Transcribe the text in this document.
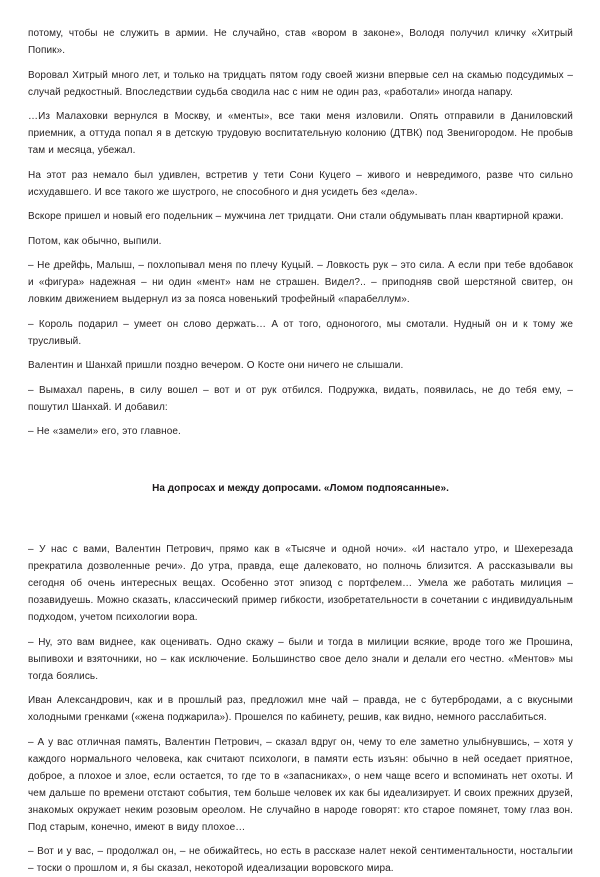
потому, чтобы не служить в армии. Не случайно, став «вором в законе», Володя получил кличку «Хитрый Попик».

Воровал Хитрый много лет, и только на тридцать пятом году своей жизни впервые сел на скамью подсудимых – случай редкостный. Впоследствии судьба сводила нас с ним не один раз, «работали» иногда напару.

…Из Малаховки вернулся в Москву, и «менты», все таки меня изловили. Опять отправили в Даниловский приемник, а оттуда попал я в детскую трудовую воспитательную колонию (ДТВК) под Звенигородом. Не пробыв там и месяца, убежал.

На этот раз немало был удивлен, встретив у тети Сони Куцего – живого и невредимого, разве что сильно исхудавшего. И все такого же шустрого, не способного и дня усидеть без «дела».

Вскоре пришел и новый его подельник – мужчина лет тридцати. Они стали обдумывать план квартирной кражи.

Потом, как обычно, выпили.

– Не дрейфь, Малыш, – похлопывал меня по плечу Куцый. – Ловкость рук – это сила. А если при тебе вдобавок и «фигура» надежная – ни один «мент» нам не страшен. Видел?.. – приподняв свой шерстяной свитер, он ловким движением выдернул из за пояса новенький трофейный «парабеллум».

– Король подарил – умеет он слово держать… А от того, одноногого, мы смотали. Нудный он и к тому же трусливый.

Валентин и Шанхай пришли поздно вечером. О Косте они ничего не слышали.

– Вымахал парень, в силу вошел – вот и от рук отбился. Подружка, видать, появилась, не до тебя ему, – пошутил Шанхай. И добавил:

– Не «замели» его, это главное.

На допросах и между допросами. «Ломом подпоясанные».

– У нас с вами, Валентин Петрович, прямо как в «Тысяче и одной ночи». «И настало утро, и Шехерезада прекратила дозволенные речи». До утра, правда, еще далековато, но полночь близится. А рассказывали вы сегодня об очень интересных вещах. Особенно этот эпизод с портфелем… Умела же работать милиция – позавидуешь. Можно сказать, классический пример гибкости, изобретательности в сочетании с индивидуальным подходом, учетом психологии вора.

– Ну, это вам виднее, как оценивать. Одно скажу – были и тогда в милиции всякие, вроде того же Прошина, выпивохи и взяточники, но – как исключение. Большинство свое дело знали и делали его честно. «Ментов» мы тогда боялись.

Иван Александрович, как и в прошлый раз, предложил мне чай – правда, не с бутербродами, а с вкусными холодными гренками («жена поджарила»). Прошелся по кабинету, решив, как видно, немного расслабиться.

– А у вас отличная память, Валентин Петрович, – сказал вдруг он, чему то еле заметно улыбнувшись, – хотя у каждого нормального человека, как считают психологи, в памяти есть изъян: обычно в ней оседает приятное, доброе, а плохое и злое, если остается, то где то в «запасниках», о нем чаще всего и вспоминать нет охоты. И чем дальше по времени отстают события, тем больше человек их как бы идеализирует. И своих прежних друзей, знакомых окружает неким розовым ореолом. Не случайно в народе говорят: кто старое помянет, тому глаз вон. Под старым, конечно, имеют в виду плохое…

– Вот и у вас, – продолжал он, – не обижайтесь, но есть в рассказе налет некой сентиментальности, ностальгии – тоски о прошлом и, я бы сказал, некоторой идеализации воровского мира.
